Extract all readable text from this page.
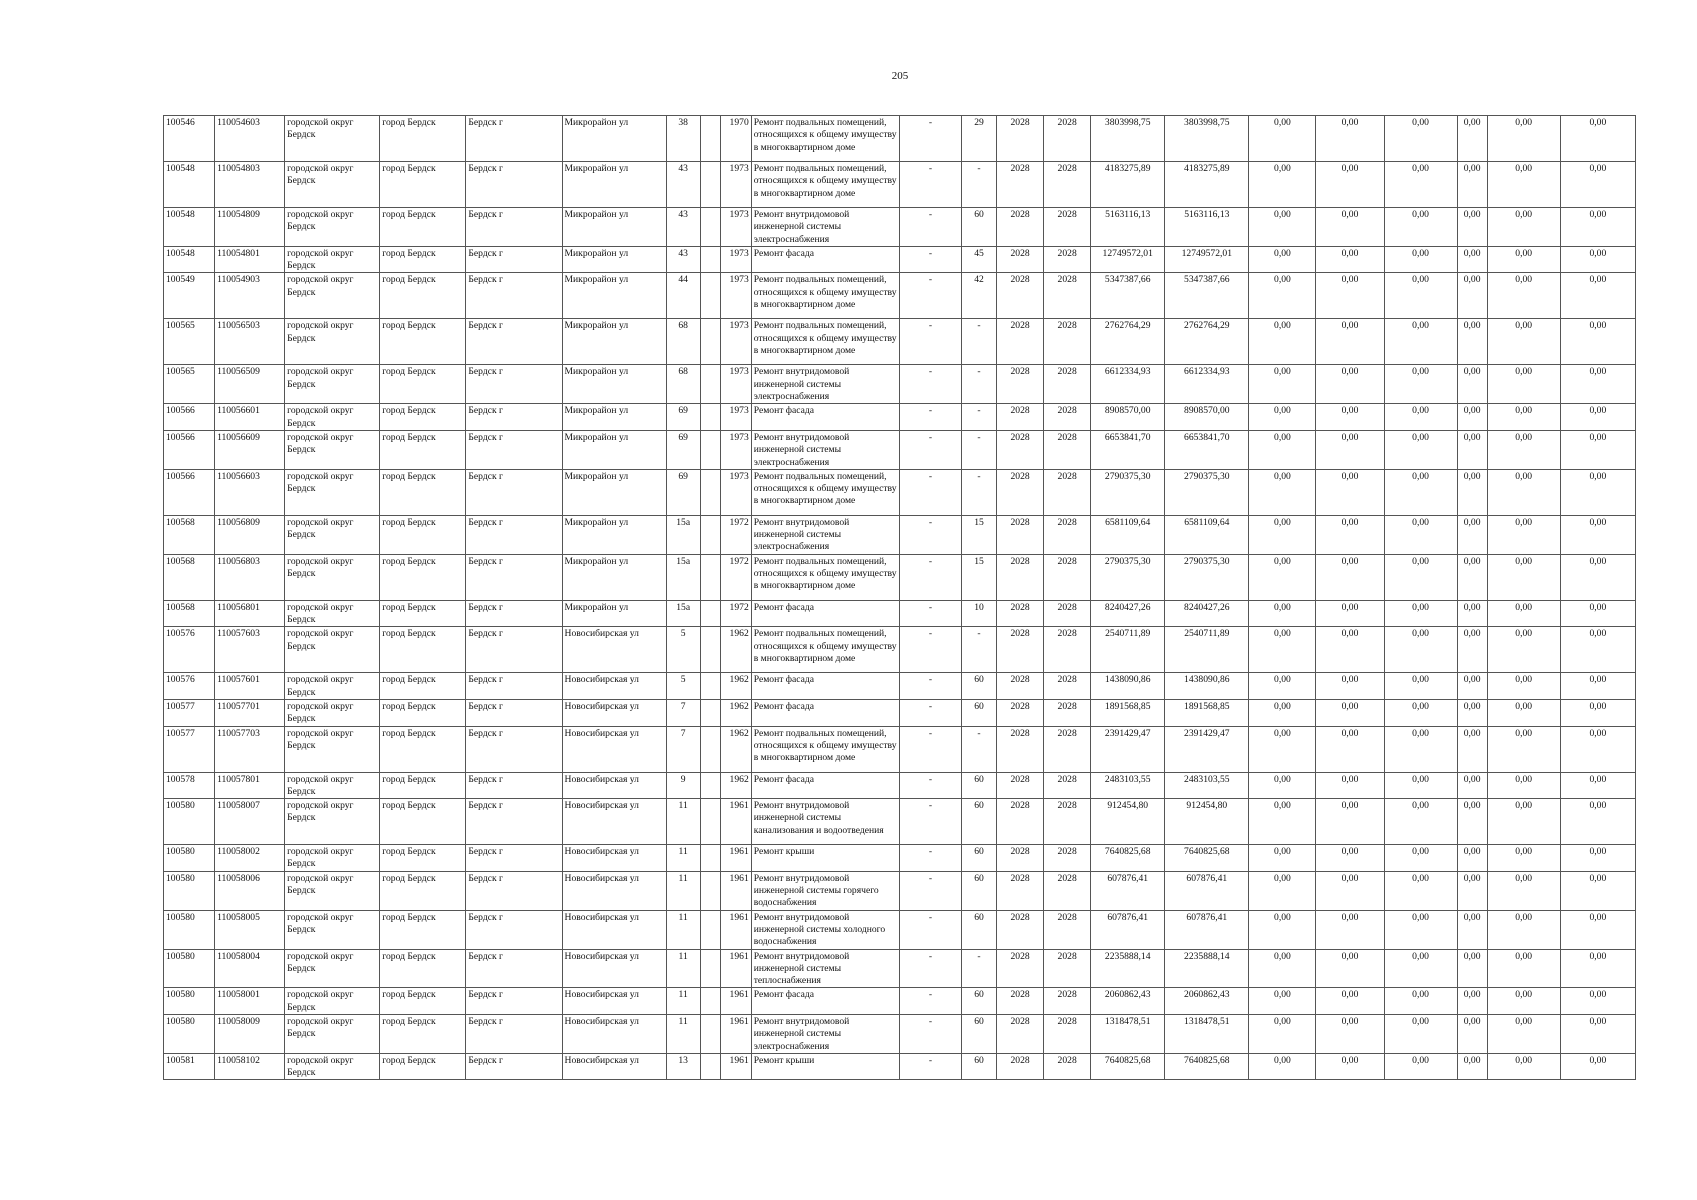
205
100546	110054603	городской округ Бердск	город Бердск	Бердск г	Микрорайон ул	38		1970	Ремонт подвальных помещений, относящихся к общему имуществу в многоквартирном доме	-	29	2028	2028	3803998,75	3803998,75	0,00	0,00	0,00	0,00	0,00	0,00
100548	110054803	городской округ Бердск	город Бердск	Бердск г	Микрорайон ул	43		1973	Ремонт подвальных помещений, относящихся к общему имуществу в многоквартирном доме	-	-	2028	2028	4183275,89	4183275,89	0,00	0,00	0,00	0,00	0,00	0,00
100548	110054809	городской округ Бердск	город Бердск	Бердск г	Микрорайон ул	43		1973	Ремонт внутридомовой инженерной системы электроснабжения	-	60	2028	2028	5163116,13	5163116,13	0,00	0,00	0,00	0,00	0,00	0,00
100548	110054801	городской округ Бердск	город Бердск	Бердск г	Микрорайон ул	43		1973	Ремонт фасада	-	45	2028	2028	12749572,01	12749572,01	0,00	0,00	0,00	0,00	0,00	0,00
100549	110054903	городской округ Бердск	город Бердск	Бердск г	Микрорайон ул	44		1973	Ремонт подвальных помещений, относящихся к общему имуществу в многоквартирном доме	-	42	2028	2028	5347387,66	5347387,66	0,00	0,00	0,00	0,00	0,00	0,00
100565	110056503	городской округ Бердск	город Бердск	Бердск г	Микрорайон ул	68		1973	Ремонт подвальных помещений, относящихся к общему имуществу в многоквартирном доме	-	-	2028	2028	2762764,29	2762764,29	0,00	0,00	0,00	0,00	0,00	0,00
100565	110056509	городской округ Бердск	город Бердск	Бердск г	Микрорайон ул	68		1973	Ремонт внутридомовой инженерной системы электроснабжения	-	-	2028	2028	6612334,93	6612334,93	0,00	0,00	0,00	0,00	0,00	0,00
100566	110056601	городской округ Бердск	город Бердск	Бердск г	Микрорайон ул	69		1973	Ремонт фасада	-	-	2028	2028	8908570,00	8908570,00	0,00	0,00	0,00	0,00	0,00	0,00
100566	110056609	городской округ Бердск	город Бердск	Бердск г	Микрорайон ул	69		1973	Ремонт внутридомовой инженерной системы электроснабжения	-	-	2028	2028	6653841,70	6653841,70	0,00	0,00	0,00	0,00	0,00	0,00
100566	110056603	городской округ Бердск	город Бердск	Бердск г	Микрорайон ул	69		1973	Ремонт подвальных помещений, относящихся к общему имуществу в многоквартирном доме	-	-	2028	2028	2790375,30	2790375,30	0,00	0,00	0,00	0,00	0,00	0,00
100568	110056809	городской округ Бердск	город Бердск	Бердск г	Микрорайон ул	15а		1972	Ремонт внутридомовой инженерной системы электроснабжения	-	15	2028	2028	6581109,64	6581109,64	0,00	0,00	0,00	0,00	0,00	0,00
100568	110056803	городской округ Бердск	город Бердск	Бердск г	Микрорайон ул	15а		1972	Ремонт подвальных помещений, относящихся к общему имуществу в многоквартирном доме	-	15	2028	2028	2790375,30	2790375,30	0,00	0,00	0,00	0,00	0,00	0,00
100568	110056801	городской округ Бердск	город Бердск	Бердск г	Микрорайон ул	15а		1972	Ремонт фасада	-	10	2028	2028	8240427,26	8240427,26	0,00	0,00	0,00	0,00	0,00	0,00
100576	110057603	городской округ Бердск	город Бердск	Бердск г	Новосибирская ул	5		1962	Ремонт подвальных помещений, относящихся к общему имуществу в многоквартирном доме	-	-	2028	2028	2540711,89	2540711,89	0,00	0,00	0,00	0,00	0,00	0,00
100576	110057601	городской округ Бердск	город Бердск	Бердск г	Новосибирская ул	5		1962	Ремонт фасада	-	60	2028	2028	1438090,86	1438090,86	0,00	0,00	0,00	0,00	0,00	0,00
100577	110057701	городской округ Бердск	город Бердск	Бердск г	Новосибирская ул	7		1962	Ремонт фасада	-	60	2028	2028	1891568,85	1891568,85	0,00	0,00	0,00	0,00	0,00	0,00
100577	110057703	городской округ Бердск	город Бердск	Бердск г	Новосибирская ул	7		1962	Ремонт подвальных помещений, относящихся к общему имуществу в многоквартирном доме	-	-	2028	2028	2391429,47	2391429,47	0,00	0,00	0,00	0,00	0,00	0,00
100578	110057801	городской округ Бердск	город Бердск	Бердск г	Новосибирская ул	9		1962	Ремонт фасада	-	60	2028	2028	2483103,55	2483103,55	0,00	0,00	0,00	0,00	0,00	0,00
100580	110058007	городской округ Бердск	город Бердск	Бердск г	Новосибирская ул	11		1961	Ремонт внутридомовой инженерной системы канализования и водоотведения	-	60	2028	2028	912454,80	912454,80	0,00	0,00	0,00	0,00	0,00	0,00
100580	110058002	городской округ Бердск	город Бердск	Бердск г	Новосибирская ул	11		1961	Ремонт крыши	-	60	2028	2028	7640825,68	7640825,68	0,00	0,00	0,00	0,00	0,00	0,00
100580	110058006	городской округ Бердск	город Бердск	Бердск г	Новосибирская ул	11		1961	Ремонт внутридомовой инженерной системы горячего водоснабжения	-	60	2028	2028	607876,41	607876,41	0,00	0,00	0,00	0,00	0,00	0,00
100580	110058005	городской округ Бердск	город Бердск	Бердск г	Новосибирская ул	11		1961	Ремонт внутридомовой инженерной системы холодного водоснабжения	-	60	2028	2028	607876,41	607876,41	0,00	0,00	0,00	0,00	0,00	0,00
100580	110058004	городской округ Бердск	город Бердск	Бердск г	Новосибирская ул	11		1961	Ремонт внутридомовой инженерной системы теплоснабжения	-	-	2028	2028	2235888,14	2235888,14	0,00	0,00	0,00	0,00	0,00	0,00
100580	110058001	городской округ Бердск	город Бердск	Бердск г	Новосибирская ул	11		1961	Ремонт фасада	-	60	2028	2028	2060862,43	2060862,43	0,00	0,00	0,00	0,00	0,00	0,00
100580	110058009	городской округ Бердск	город Бердск	Бердск г	Новосибирская ул	11		1961	Ремонт внутридомовой инженерной системы электроснабжения	-	60	2028	2028	1318478,51	1318478,51	0,00	0,00	0,00	0,00	0,00	0,00
100581	110058102	городской округ Бердск	город Бердск	Бердск г	Новосибирская ул	13		1961	Ремонт крыши	-	60	2028	2028	7640825,68	7640825,68	0,00	0,00	0,00	0,00	0,00	0,00
